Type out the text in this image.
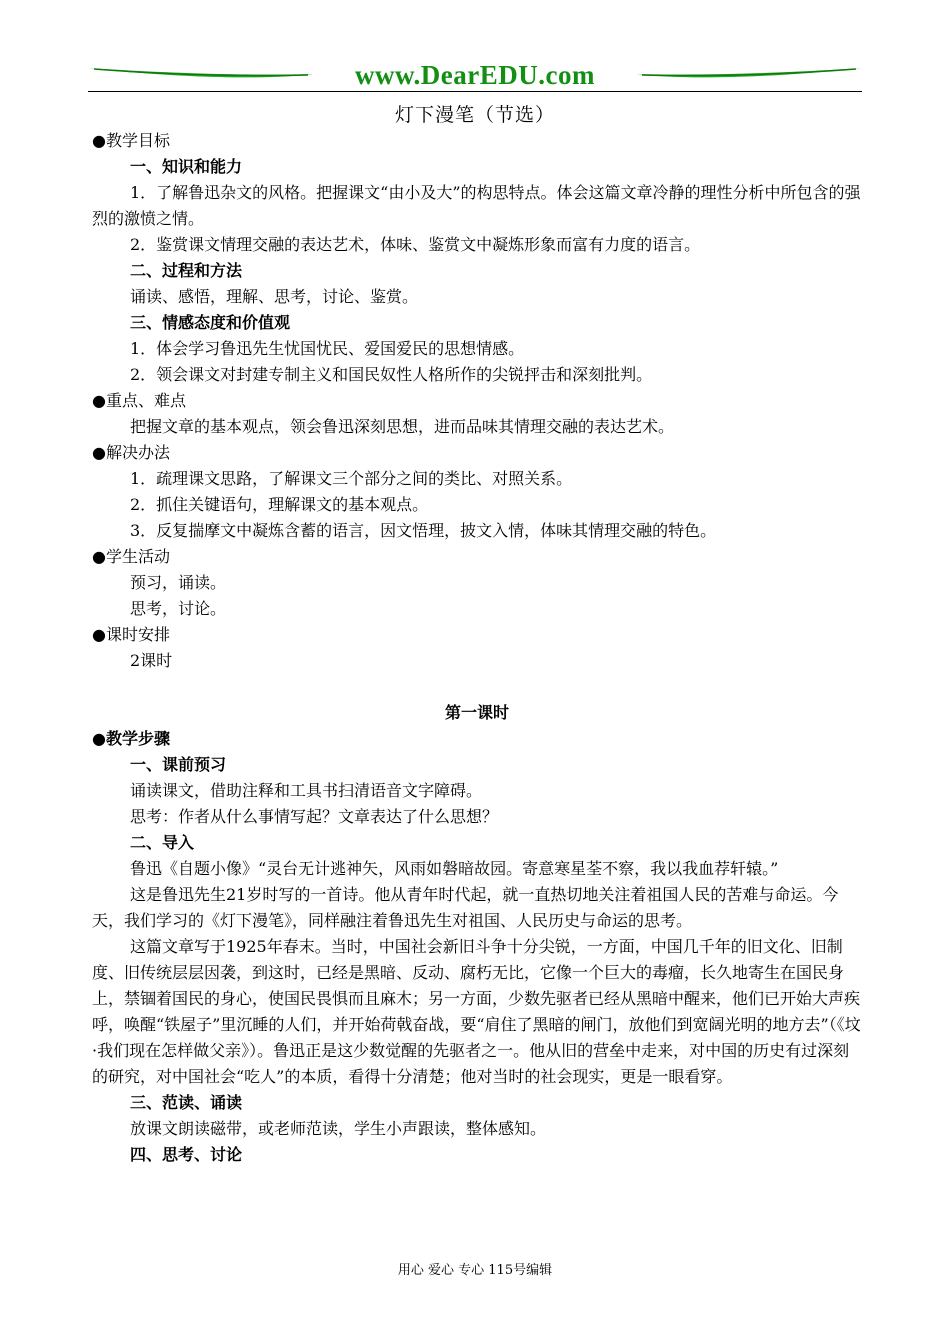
www.DearEDU.com
灯下漫笔（节选）

●教学目标

一、知识和能力

1．了解鲁迅杂文的风格。把握课文“由小及大”的构思特点。体会这篇文章冷静的理性分析中所包含的强烈的激愤之情。

2．鉴赏课文情理交融的表达艺术，体味、鉴赏文中凝炼形象而富有力度的语言。

二、过程和方法

诵读、感悟，理解、思考，讨论、鉴赏。

三、情感态度和价值观

1．体会学习鲁迅先生忧国忧民、爱国爱民的思想情感。

2．领会课文对封建专制主义和国民奴性人格所作的尖锐抨击和深刻批判。

●重点、难点

把握文章的基本观点，领会鲁迅深刻思想，进而品味其情理交融的表达艺术。

●解决办法

1．疏理课文思路，了解课文三个部分之间的类比、对照关系。

2．抓住关键语句，理解课文的基本观点。

3．反复揣摩文中凝炼含蓄的语言，因文悟理，披文入情，体味其情理交融的特色。

●学生活动

预习，诵读。

思考，讨论。

●课时安排

2课时

第一课时

●教学步骤

一、课前预习

诵读课文，借助注释和工具书扫清语音文字障碍。

思考：作者从什么事情写起？文章表达了什么思想？

二、导入

鲁迅《自题小像》“灵台无计逃神矢，风雨如磐暗故园。寄意寒星荃不察，我以我血荐轩辕。”

这是鲁迅先生21岁时写的一首诗。他从青年时代起，就一直热切地关注着祖国人民的苦难与命运。今天，我们学习的《灯下漫笔》，同样融注着鲁迅先生对祖国、人民历史与命运的思考。

这篇文章写于1925年春末。当时，中国社会新旧斗争十分尖锐，一方面，中国几千年的旧文化、旧制度、旧传统层层因袭，到这时，已经是黑暗、反动、腐朽无比，它像一个巨大的毒瘤，长久地寄生在国民身上，禁锢着国民的身心，使国民畏惧而且麻木；另一方面，少数先驱者已经从黑暗中醒来，他们已开始大声疾呼，唤醒“铁屋子”里沉睡的人们，并开始荷戟奋战，要“肩住了黑暗的闸门，放他们到宽阔光明的地方去”（《坟·我们现在怎样做父亲》）。鲁迅正是这少数觉醒的先驱者之一。他从旧的营垒中走来，对中国的历史有过深刻的研究，对中国社会“吃人”的本质，看得十分清楚；他对当时的社会现实，更是一眼看穿。

三、范读、诵读

放课文朗读磁带，或老师范读，学生小声跟读，整体感知。

四、思考、讨论

用心 爱心 专心 115号编辑
